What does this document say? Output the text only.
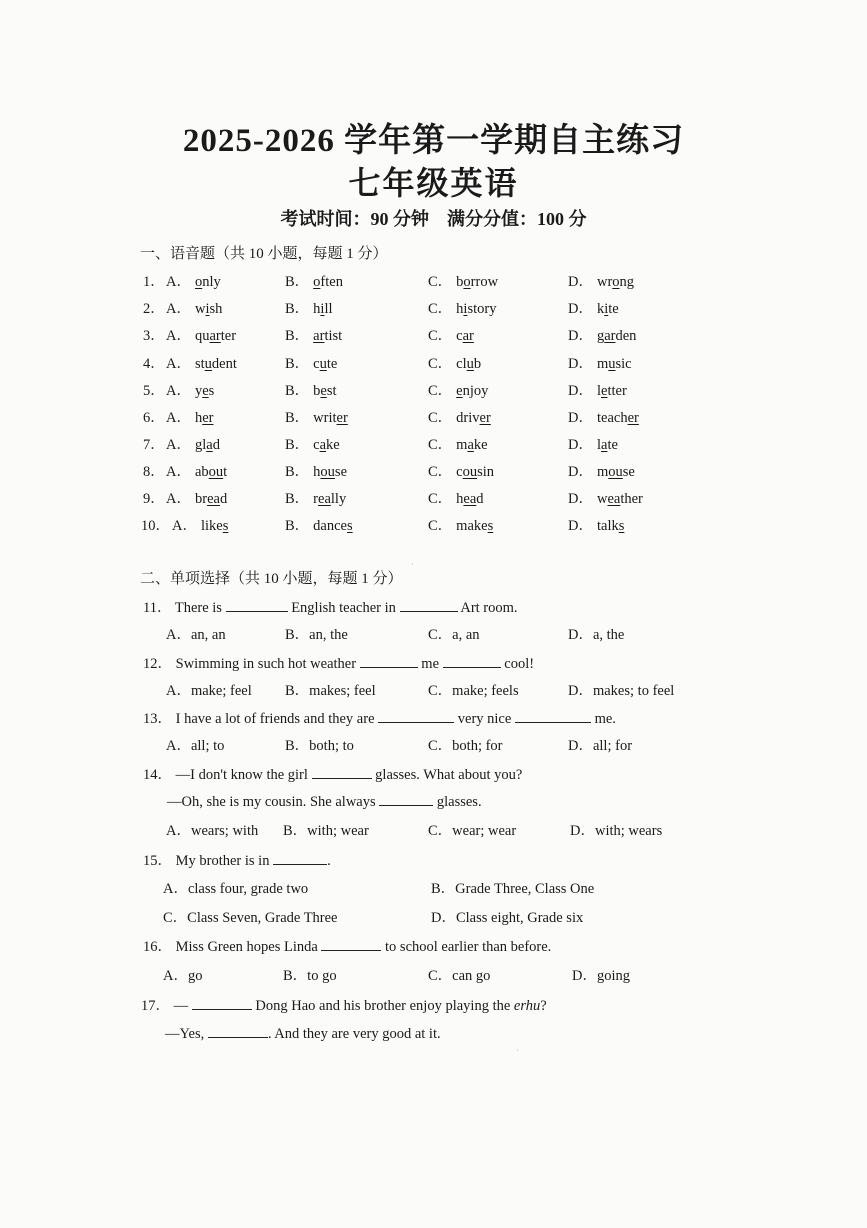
2025-2026 学年第一学期自主练习
七年级英语
考试时间：90 分钟　满分分值：100 分
一、语音题（共 10 小题，每题 1 分）
1． A． only	B． often	C． borrow	D． wrong
2． A． wish	B． hill	C． history	D． kite
3． A． quarter	B． artist	C． car	D． garden
4． A． student	B． cute	C． club	D． music
5． A． yes	B． best	C． enjoy	D． letter
6． A． her	B． writer	C． driver	D． teacher
7． A． glad	B． cake	C． make	D． late
8． A． about	B． house	C． cousin	D． mouse
9． A． bread	B． really	C． head	D． weather
10． A． likes	B． dances	C． makes	D． talks
·
二、单项选择（共 10 小题，每题 1 分）
11． There is	English teacher in	Art room.
A．an, an	B．an, the	C．a, an	D．a, the
12． Swimming in such hot weather	me	cool!
A．make; feel B．makes; feel	C．make; feels	D．makes; to feel
13． I have a lot of friends and they are	very nice	me.
A．all; to	B．both; to	C．both; for	D．all; for
14． —I don't know the girl	glasses. What about you?
—Oh, she is my cousin. She always	glasses.
A．wears; with B．with; wear	C．wear; wear	D．with; wears
15． My brother is in	.
A．class four, grade two	B．Grade Three, Class One
C．Class Seven, Grade Three	D．Class eight, Grade six
16． Miss Green hopes Linda	to school earlier than before.
A．go	B．to go	C．can go	D．going
17． —	Dong Hao and his brother enjoy playing the erhu?
—Yes,	. And they are very good at it.
·
